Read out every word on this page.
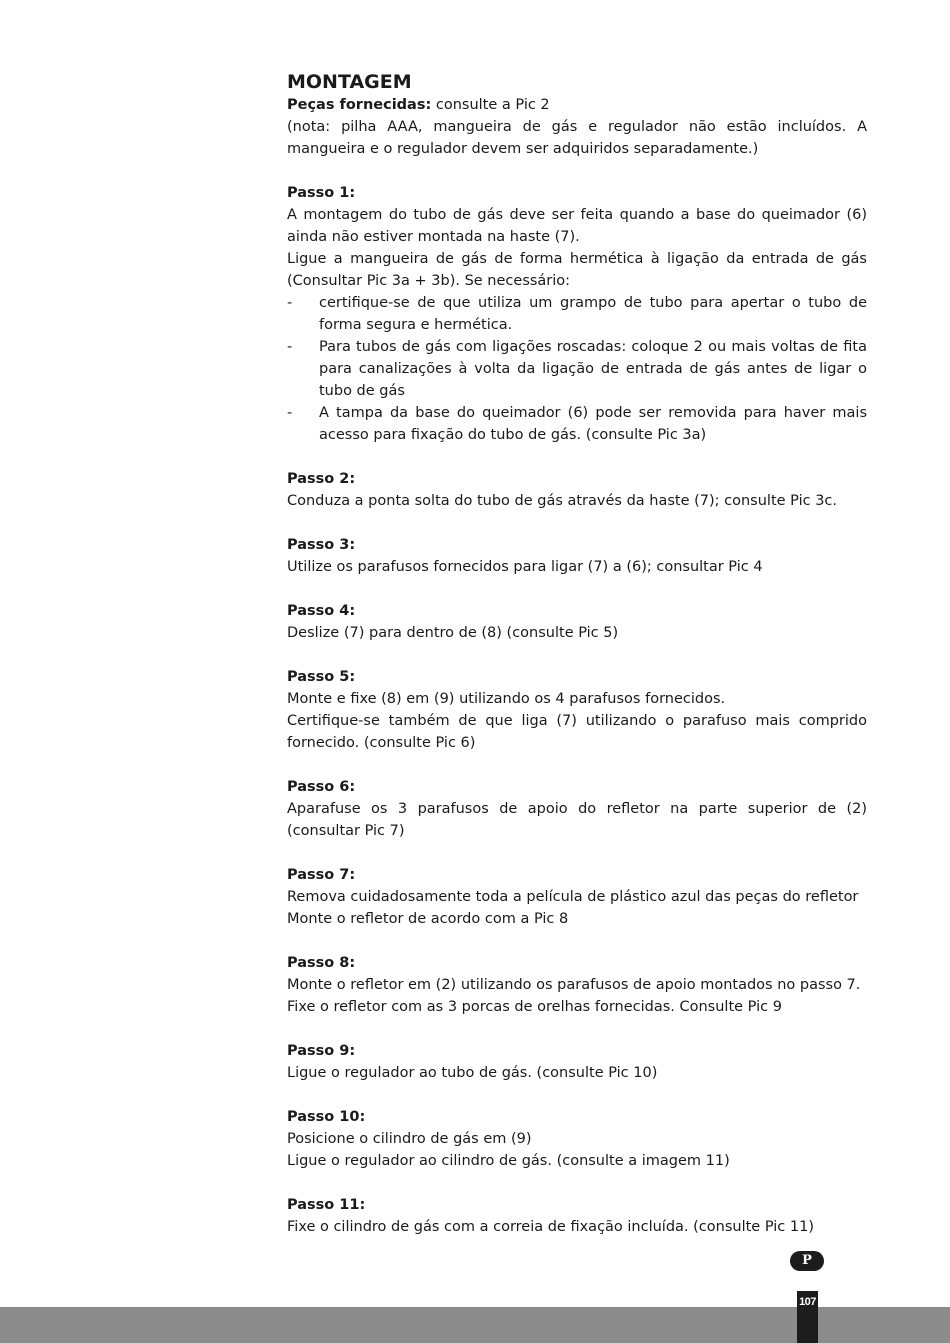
MONTAGEM

Peças fornecidas: consulte a Pic 2

(nota: pilha AAA, mangueira de gás e regulador não estão incluídos. A mangueira e o regulador devem ser adquiridos separadamente.)

Passo 1:

A montagem do tubo de gás deve ser feita quando a base do queimador (6) ainda não estiver montada na haste (7).

Ligue a mangueira de gás de forma hermética à ligação da entrada de gás (Consultar Pic 3a + 3b). Se necessário:

-	certifique-se de que utiliza um grampo de tubo para apertar o tubo de forma segura e hermética.
-	Para tubos de gás com ligações roscadas: coloque 2 ou mais voltas de fita para canalizações à volta da ligação de entrada de gás antes de ligar o tubo de gás
-	A tampa da base do queimador (6) pode ser removida para haver mais acesso para fixação do tubo de gás. (consulte Pic 3a)

Passo 2:

Conduza a ponta solta do tubo de gás através da haste (7); consulte Pic 3c.

Passo 3:

Utilize os parafusos fornecidos para ligar (7) a (6); consultar Pic 4

Passo 4:

Deslize (7) para dentro de (8) (consulte Pic 5)

Passo 5:

Monte e fixe (8) em (9) utilizando os 4 parafusos fornecidos.

Certifique-se também de que liga (7) utilizando o parafuso mais comprido fornecido. (consulte Pic 6)

Passo 6:

Aparafuse os 3 parafusos de apoio do refletor na parte superior de (2) (consultar Pic 7)

Passo 7:

Remova cuidadosamente toda a película de plástico azul das peças do refletor

Monte o refletor de acordo com a Pic 8

Passo 8:

Monte o refletor em (2) utilizando os parafusos de apoio montados no passo 7.

Fixe o refletor com as 3 porcas de orelhas fornecidas. Consulte Pic 9

Passo 9:

Ligue o regulador ao tubo de gás. (consulte Pic 10)

Passo 10:

Posicione o cilindro de gás em (9)

Ligue o regulador ao cilindro de gás. (consulte a imagem 11)

Passo 11:

Fixe o cilindro de gás com a correia de fixação incluída. (consulte Pic 11)

P
107
